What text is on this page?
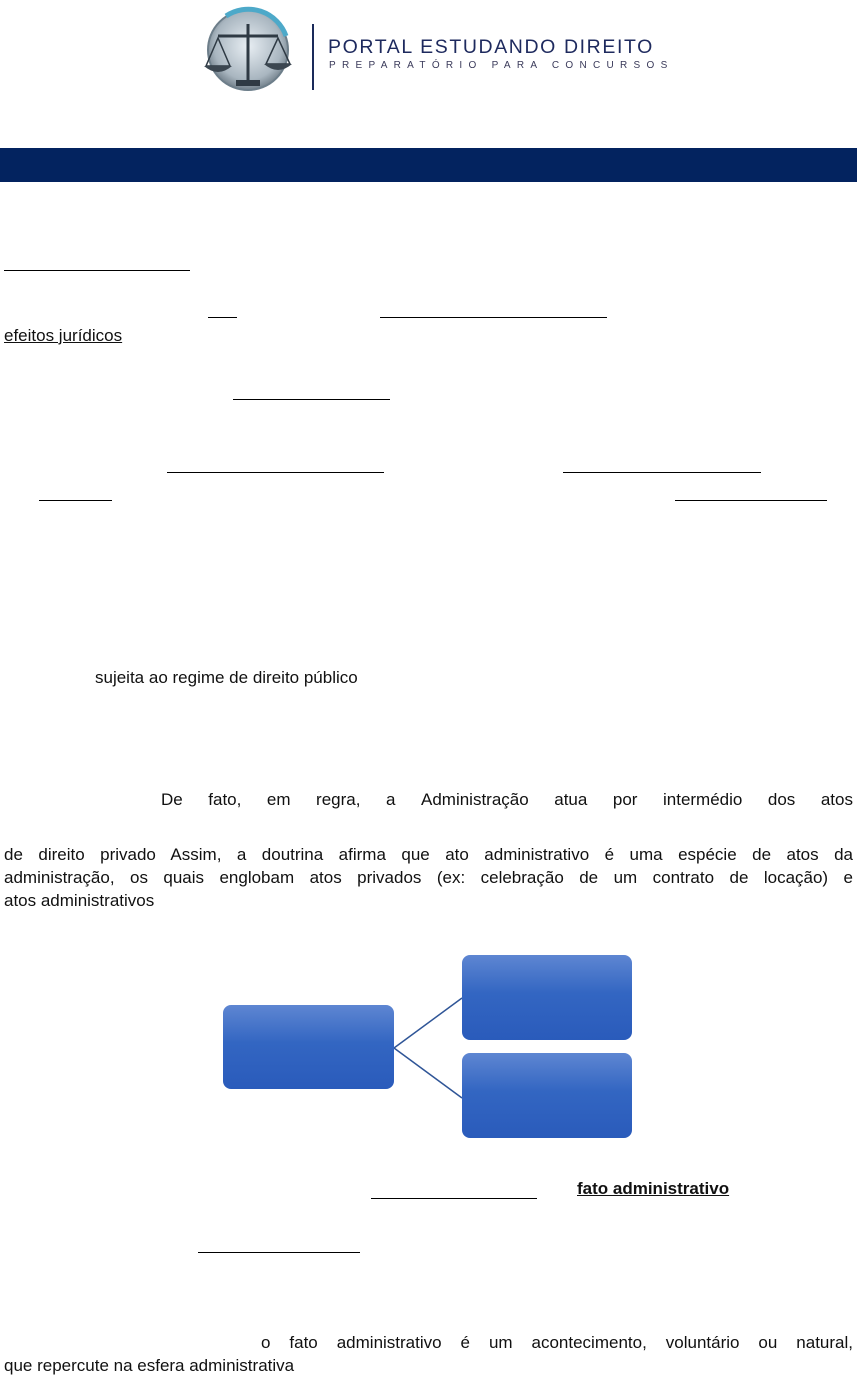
PORTAL ESTUDANDO DIREITO
PREPARATÓRIO PARA CONCURSOS
efeitos jurídicos
sujeita ao regime de direito público
De fato, em regra, a Administração atua por intermédio dos atos
de direito privado Assim, a doutrina afirma que ato administrativo é uma espécie de atos da
administração, os quais englobam atos privados (ex: celebração de um contrato de locação) e
atos administrativos
fato administrativo
o fato administrativo é um acontecimento, voluntário ou natural,
que repercute na esfera administrativa
